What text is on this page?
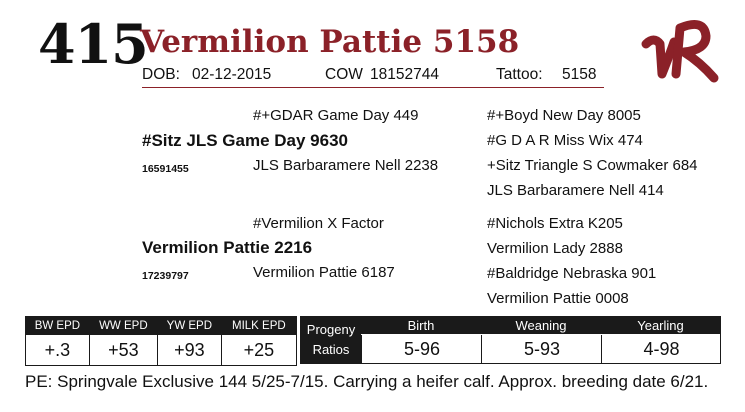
415
Vermilion Pattie 5158
DOB: 02-12-2015	COW 18152744	Tattoo: 5158
#+GDAR Game Day 449
#Sitz JLS Game Day 9630
16591455	JLS Barbaramere Nell 2238
#+Boyd New Day 8005
#G D A R Miss Wix 474
+Sitz Triangle S Cowmaker 684
JLS Barbaramere Nell 414
#Vermilion X Factor
Vermilion Pattie 2216
17239797	Vermilion Pattie 6187
#Nichols Extra K205
Vermilion Lady 2888
#Baldridge Nebraska 901
Vermilion Pattie 0008
BW EPD	WW EPD	YW EPD	MILK EPD
+.3	+53	+93	+25
Progeny
Ratios
Birth	Weaning	Yearling
5-96	5-93	4-98
PE: Springvale Exclusive 144 5/25-7/15. Carrying a heifer calf. Approx. breeding date 6/21.
